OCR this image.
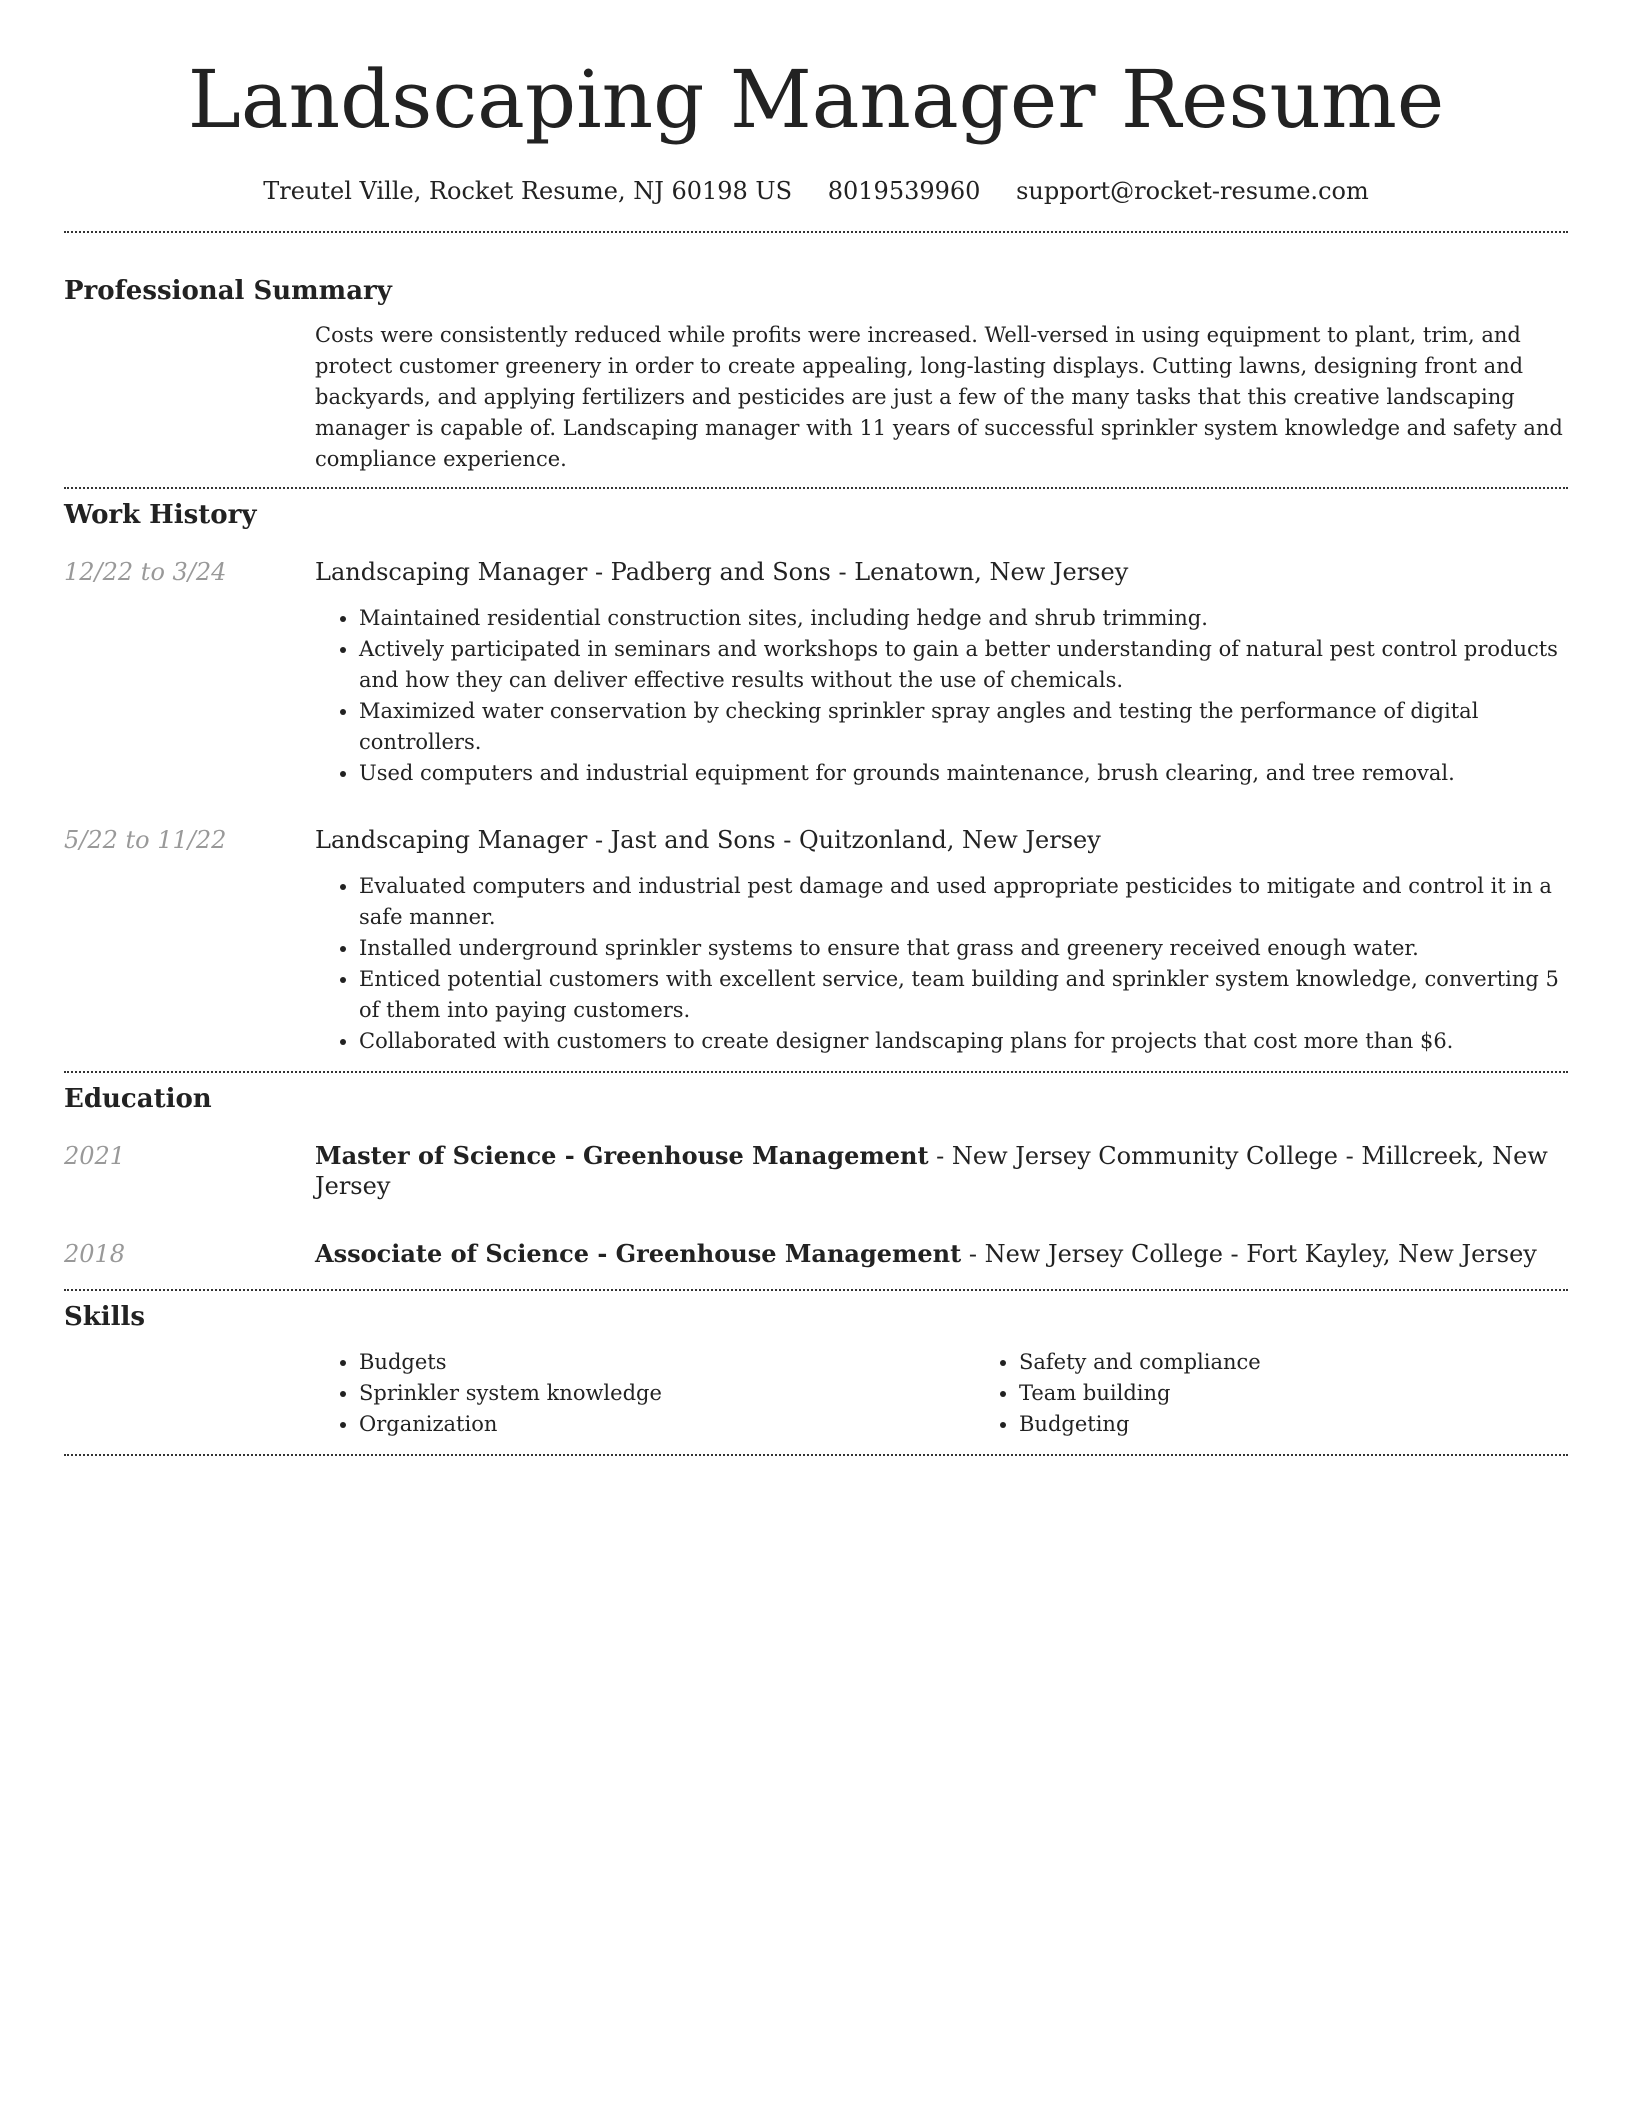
Landscaping Manager Resume
Treutel Ville, Rocket Resume, NJ 60198 US 8019539960 support@rocket-resume.com
Professional Summary

Costs were consistently reduced while profits were increased. Well-versed in using equipment to plant, trim, and protect customer greenery in order to create appealing, long-lasting displays. Cutting lawns, designing front and backyards, and applying fertilizers and pesticides are just a few of the many tasks that this creative landscaping manager is capable of. Landscaping manager with 11 years of successful sprinkler system knowledge and safety and compliance experience.

Work History
12/22 to 3/24	Landscaping Manager - Padberg and Sons - Lenatown, New Jersey
• Maintained residential construction sites, including hedge and shrub trimming.
• Actively participated in seminars and workshops to gain a better understanding of natural pest control products and how they can deliver effective results without the use of chemicals.
• Maximized water conservation by checking sprinkler spray angles and testing the performance of digital controllers.
• Used computers and industrial equipment for grounds maintenance, brush clearing, and tree removal.
5/22 to 11/22	Landscaping Manager - Jast and Sons - Quitzonland, New Jersey
• Evaluated computers and industrial pest damage and used appropriate pesticides to mitigate and control it in a safe manner.
• Installed underground sprinkler systems to ensure that grass and greenery received enough water.
• Enticed potential customers with excellent service, team building and sprinkler system knowledge, converting 5 of them into paying customers.
• Collaborated with customers to create designer landscaping plans for projects that cost more than $6.
Education
2021	Master of Science - Greenhouse Management - New Jersey Community College - Millcreek, New Jersey
2018	Associate of Science - Greenhouse Management - New Jersey College - Fort Kayley, New Jersey
Skills
• Budgets
• Sprinkler system knowledge
• Organization
• Safety and compliance
• Team building
• Budgeting
